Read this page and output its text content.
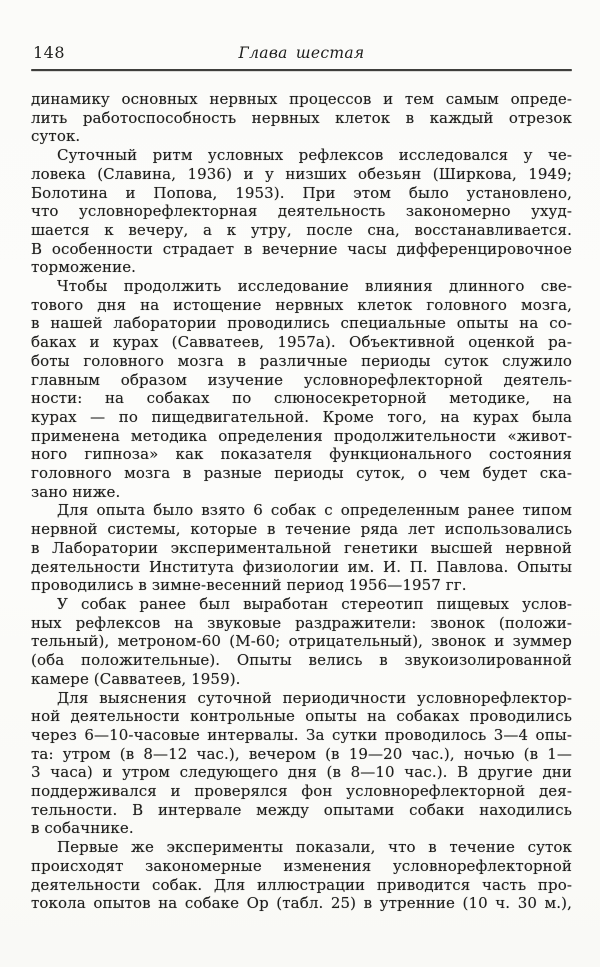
148	Глава шестая
динамику основных нервных процессов и тем самым опреде-
лить работоспособность нервных клеток в каждый отрезок
суток.
Суточный ритм условных рефлексов исследовался у че-
ловека (Славина, 1936) и у низших обезьян (Ширкова, 1949;
Болотина и Попова, 1953). При этом было установлено,
что условнорефлекторная деятельность закономерно ухуд-
шается к вечеру, а к утру, после сна, восстанавливается.
В особенности страдает в вечерние часы дифференцировочное
торможение.
Чтобы продолжить исследование влияния длинного све-
тового дня на истощение нервных клеток головного мозга,
в нашей лаборатории проводились специальные опыты на со-
баках и курах (Савватеев, 1957а). Объективной оценкой ра-
боты головного мозга в различные периоды суток служило
главным образом изучение условнорефлекторной деятель-
ности: на собаках по слюносекреторной методике, на
курах — по пищедвигательной. Кроме того, на курах была
применена методика определения продолжительности «живот-
ного гипноза» как показателя функционального состояния
головного мозга в разные периоды суток, о чем будет ска-
зано ниже.
Для опыта было взято 6 собак с определенным ранее типом
нервной системы, которые в течение ряда лет использовались
в Лаборатории экспериментальной генетики высшей нервной
деятельности Института физиологии им. И. П. Павлова. Опыты
проводились в зимне-весенний период 1956—1957 гг.
У собак ранее был выработан стереотип пищевых услов-
ных рефлексов на звуковые раздражители: звонок (положи-
тельный), метроном-60 (М-60; отрицательный), звонок и зуммер
(оба положительные). Опыты велись в звукоизолированной
камере (Савватеев, 1959).
Для выяснения суточной периодичности условнорефлектор-
ной деятельности контрольные опыты на собаках проводились
через 6—10-часовые интервалы. За сутки проводилось 3—4 опы-
та: утром (в 8—12 час.), вечером (в 19—20 час.), ночью (в 1—
3 часа) и утром следующего дня (в 8—10 час.). В другие дни
поддерживался и проверялся фон условнорефлекторной дея-
тельности. В интервале между опытами собаки находились
в собачнике.
Первые же эксперименты показали, что в течение суток
происходят закономерные изменения условнорефлекторной
деятельности собак. Для иллюстрации приводится часть про-
токола опытов на собаке Ор (табл. 25) в утренние (10 ч. 30 м.),
